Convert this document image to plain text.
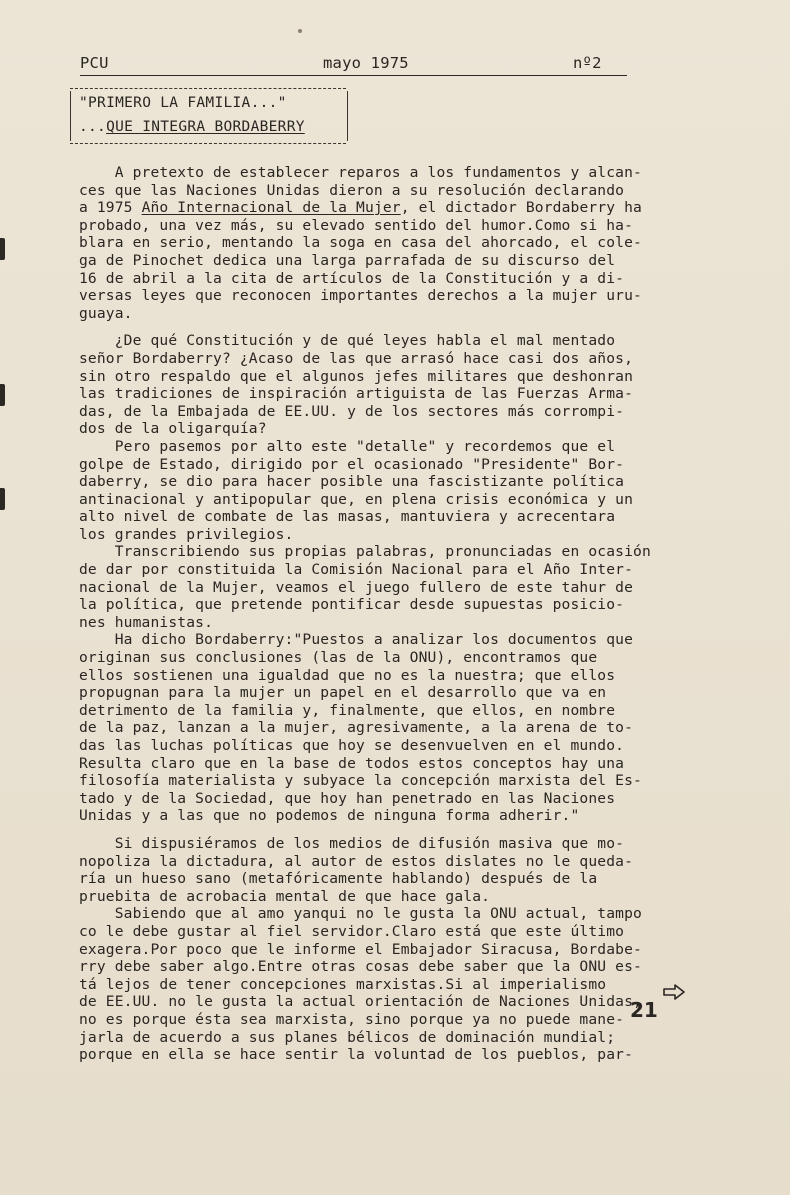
PCU	mayo 1975	nº2
"PRIMERO LA FAMILIA..."
...QUE INTEGRA BORDABERRY
A pretexto de establecer reparos a los fundamentos y alcan-
ces que las Naciones Unidas dieron a su resolución declarando
a 1975 Año Internacional de la Mujer, el dictador Bordaberry ha
probado, una vez más, su elevado sentido del humor.Como si ha-
blara en serio, mentando la soga en casa del ahorcado, el cole-
ga de Pinochet dedica una larga parrafada de su discurso del
16 de abril a la cita de artículos de la Constitución y a di-
versas leyes que reconocen importantes derechos a la mujer uru-
guaya.
¿De qué Constitución y de qué leyes habla el mal mentado
señor Bordaberry? ¿Acaso de las que arrasó hace casi dos años,
sin otro respaldo que el algunos jefes militares que deshonran
las tradiciones de inspiración artiguista de las Fuerzas Arma-
das, de la Embajada de EE.UU. y de los sectores más corrompi-
dos de la oligarquía?
Pero pasemos por alto este "detalle" y recordemos que el
golpe de Estado, dirigido por el ocasionado "Presidente" Bor-
daberry, se dio para hacer posible una fascistizante política
antinacional y antipopular que, en plena crisis económica y un
alto nivel de combate de las masas, mantuviera y acrecentara
los grandes privilegios.
Transcribiendo sus propias palabras, pronunciadas en ocasión
de dar por constituida la Comisión Nacional para el Año Inter-
nacional de la Mujer, veamos el juego fullero de este tahur de
la política, que pretende pontificar desde supuestas posicio-
nes humanistas.
Ha dicho Bordaberry:"Puestos a analizar los documentos que
originan sus conclusiones (las de la ONU), encontramos que
ellos sostienen una igualdad que no es la nuestra; que ellos
propugnan para la mujer un papel en el desarrollo que va en
detrimento de la familia y, finalmente, que ellos, en nombre
de la paz, lanzan a la mujer, agresivamente, a la arena de to-
das las luchas políticas que hoy se desenvuelven en el mundo.
Resulta claro que en la base de todos estos conceptos hay una
filosofía materialista y subyace la concepción marxista del Es-
tado y de la Sociedad, que hoy han penetrado en las Naciones
Unidas y a las que no podemos de ninguna forma adherir."
Si dispusiéramos de los medios de difusión masiva que mo-
nopoliza la dictadura, al autor de estos dislates no le queda-
ría un hueso sano (metafóricamente hablando) después de la
pruebita de acrobacia mental de que hace gala.
Sabiendo que al amo yanqui no le gusta la ONU actual, tampo
co le debe gustar al fiel servidor.Claro está que este último
exagera.Por poco que le informe el Embajador Siracusa, Bordabe-
rry debe saber algo.Entre otras cosas debe saber que la ONU es-
tá lejos de tener concepciones marxistas.Si al imperialismo
de EE.UU. no le gusta la actual orientación de Naciones Unidas,
no es porque ésta sea marxista, sino porque ya no puede mane-
jarla de acuerdo a sus planes bélicos de dominación mundial;
porque en ella se hace sentir la voluntad de los pueblos, par-
21
